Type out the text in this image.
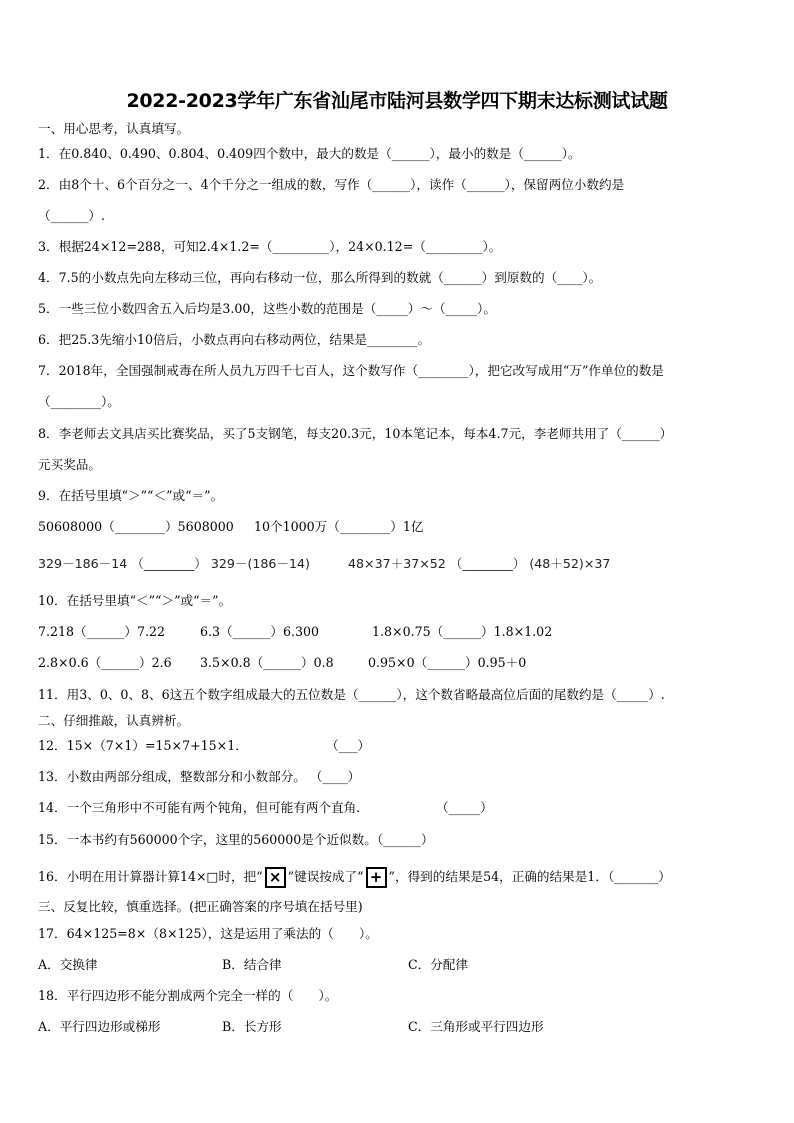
2022-2023学年广东省汕尾市陆河县数学四下期末达标测试试题
一、用心思考，认真填写。
1．在0.840、0.490、0.804、0.409四个数中，最大的数是（______），最小的数是（______）。
2．由8个十、6个百分之一、4个千分之一组成的数，写作（______），读作（______），保留两位小数约是
（______）.
3．根据24×12=288，可知2.4×1.2=（_________），24×0.12=（_________）。
4．7.5的小数点先向左移动三位，再向右移动一位，那么所得到的数就（______）到原数的（____）。
5．一些三位小数四舍五入后均是3.00，这些小数的范围是（_____）～（_____）。
6．把25.3先缩小10倍后，小数点再向右移动两位，结果是________。
7．2018年，全国强制戒毒在所人员九万四千七百人，这个数写作（________），把它改写成用“万”作单位的数是
（________）。
8．李老师去文具店买比赛奖品，买了5支钢笔，每支20.3元，10本笔记本，每本4.7元，李老师共用了（______）
元买奖品。
9．在括号里填“＞”“＜”或“＝”。
50608000（________）5608000 10个1000万（________）1亿
329－186－14 （________） 329－(186－14)	48×37＋37×52 （________） (48＋52)×37
10．在括号里填“＜”“＞”或“＝”。
7.218（______）7.22	6.3（______）6.300	1.8×0.75（______）1.8×1.02
2.8×0.6（______）2.6 3.5×0.8（______）0.8	0.95×0（______）0.95＋0
11．用3、0、0、8、6这五个数字组成最大的五位数是（______），这个数省略最高位后面的尾数约是（_____）.
二、仔细推敲，认真辨析。
12．15×（7×1）=15×7+15×1．	（___）
13．小数由两部分组成，整数部分和小数部分。 （____）
14．一个三角形中不可能有两个钝角，但可能有两个直角．	（_____）
15．一本书约有560000个字，这里的560000是个近似数。（______）
16．小明在用计算器计算14×□时，把“ × ”键误按成了“ + ”，得到的结果是54，正确的结果是1．（_______）
三、反复比较，慎重选择。(把正确答案的序号填在括号里)
17．64×125=8×（8×125），这是运用了乘法的（　　）。
A．交换律	B．结合律	C．分配律
18．平行四边形不能分割成两个完全一样的（　　）。
A．平行四边形或梯形	B．长方形	C．三角形或平行四边形
